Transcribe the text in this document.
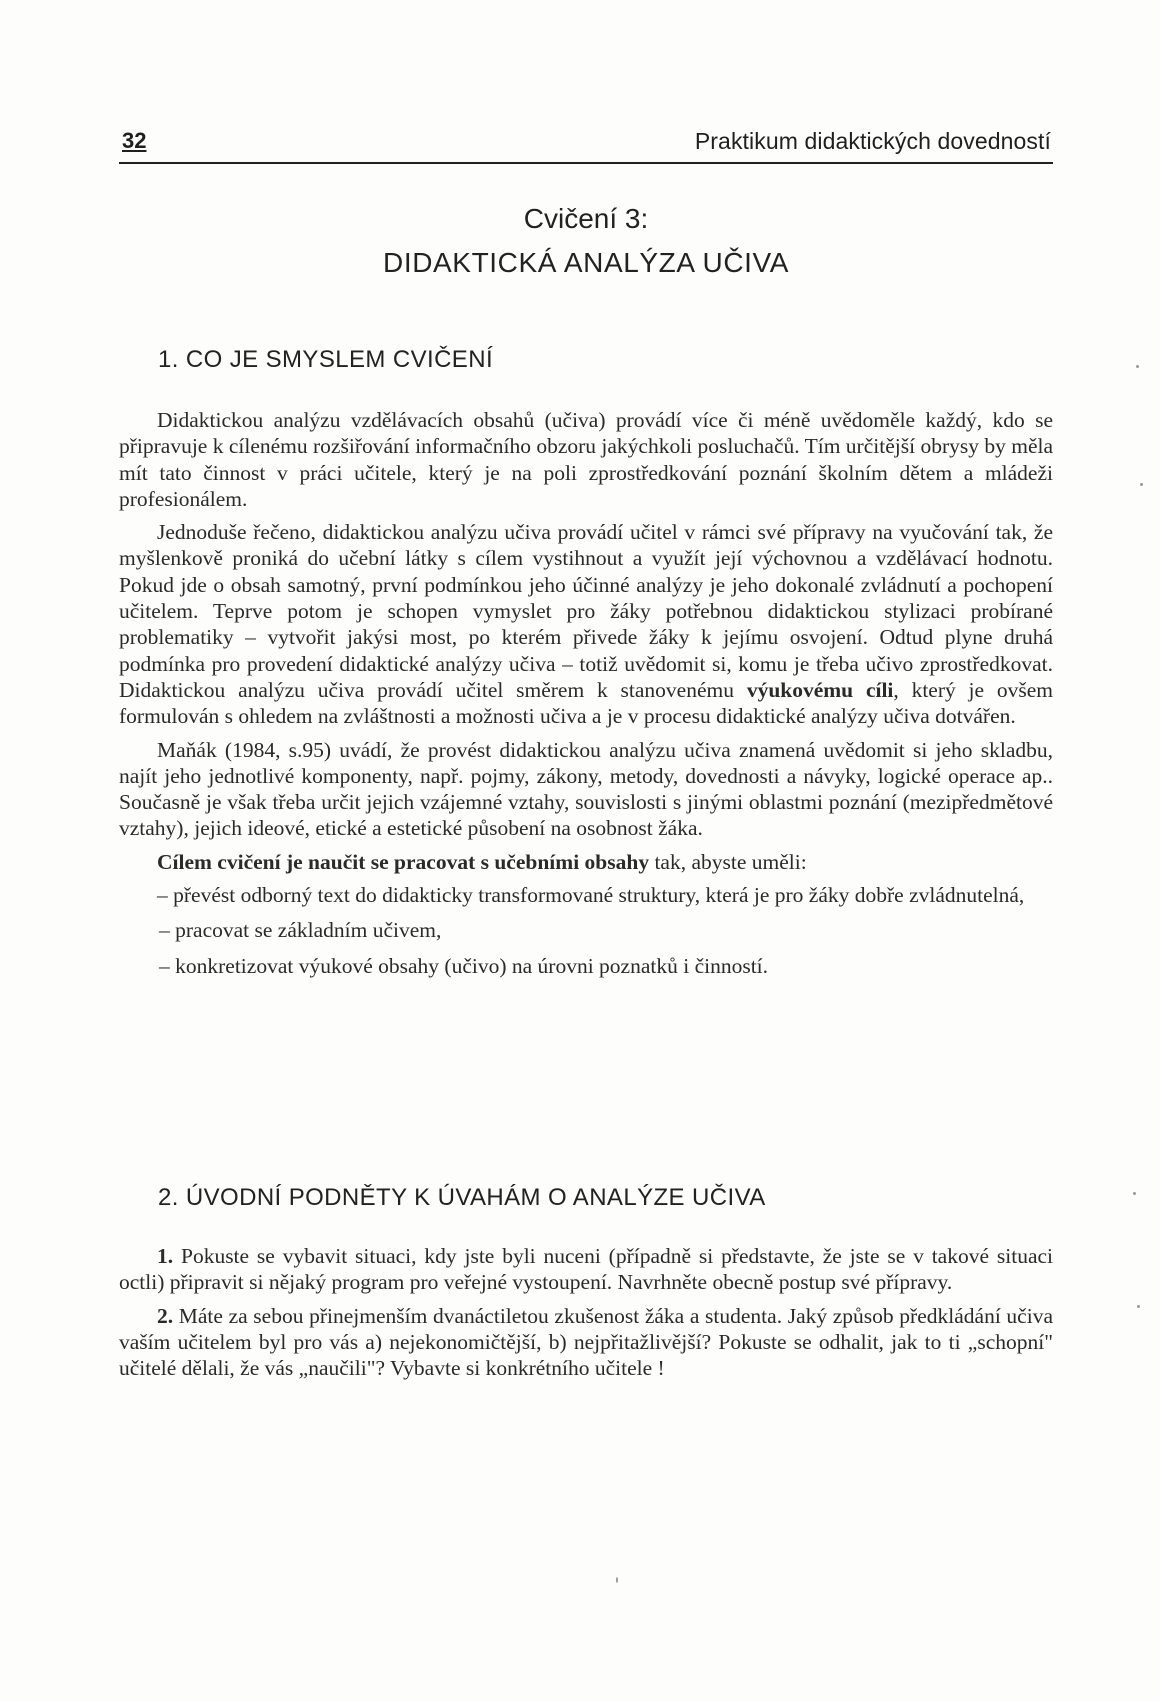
32	Praktikum didaktických dovedností
Cvičení 3:
DIDAKTICKÁ ANALÝZA UČIVA
1. CO JE SMYSLEM CVIČENÍ

Didaktickou analýzu vzdělávacích obsahů (učiva) provádí více či méně uvědoměle každý, kdo se připravuje k cílenému rozšiřování informačního obzoru jakýchkoli posluchačů. Tím určitější obrysy by měla mít tato činnost v práci učitele, který je na poli zprostředkování poznání školním dětem a mládeži profesionálem.

Jednoduše řečeno, didaktickou analýzu učiva provádí učitel v rámci své přípravy na vyučování tak, že myšlenkově proniká do učební látky s cílem vystihnout a využít její výchovnou a vzdělávací hodnotu. Pokud jde o obsah samotný, první podmínkou jeho účinné analýzy je jeho dokonalé zvládnutí a pochopení učitelem. Teprve potom je schopen vymyslet pro žáky potřebnou didaktickou stylizaci probírané problematiky – vytvořit jakýsi most, po kterém přivede žáky k jejímu osvojení. Odtud plyne druhá podmínka pro provedení didaktické analýzy učiva – totiž uvědomit si, komu je třeba učivo zprostředkovat. Didaktickou analýzu učiva provádí učitel směrem k stanovenému výukovému cíli, který je ovšem formulován s ohledem na zvláštnosti a možnosti učiva a je v procesu didaktické analýzy učiva dotvářen.

Maňák (1984, s.95) uvádí, že provést didaktickou analýzu učiva znamená uvědomit si jeho skladbu, najít jeho jednotlivé komponenty, např. pojmy, zákony, metody, dovednosti a návyky, logické operace ap.. Současně je však třeba určit jejich vzájemné vztahy, souvislosti s jinými oblastmi poznání (mezipředmětové vztahy), jejich ideové, etické a estetické působení na osobnost žáka.

Cílem cvičení je naučit se pracovat s učebními obsahy tak, abyste uměli:

– převést odborný text do didakticky transformované struktury, která je pro žáky dobře zvládnutelná,

– pracovat se základním učivem,

– konkretizovat výukové obsahy (učivo) na úrovni poznatků i činností.

2. ÚVODNÍ PODNĚTY K ÚVAHÁM O ANALÝZE UČIVA

1. Pokuste se vybavit situaci, kdy jste byli nuceni (případně si představte, že jste se v takové situaci octli) připravit si nějaký program pro veřejné vystoupení. Navrhněte obecně postup své přípravy.

2. Máte za sebou přinejmenším dvanáctiletou zkušenost žáka a studenta. Jaký způsob předkládání učiva vaším učitelem byl pro vás a) nejekonomičtější, b) nejpřitažlivější? Pokuste se odhalit, jak to ti „schopní" učitelé dělali, že vás „naučili"? Vybavte si konkrétního učitele !
